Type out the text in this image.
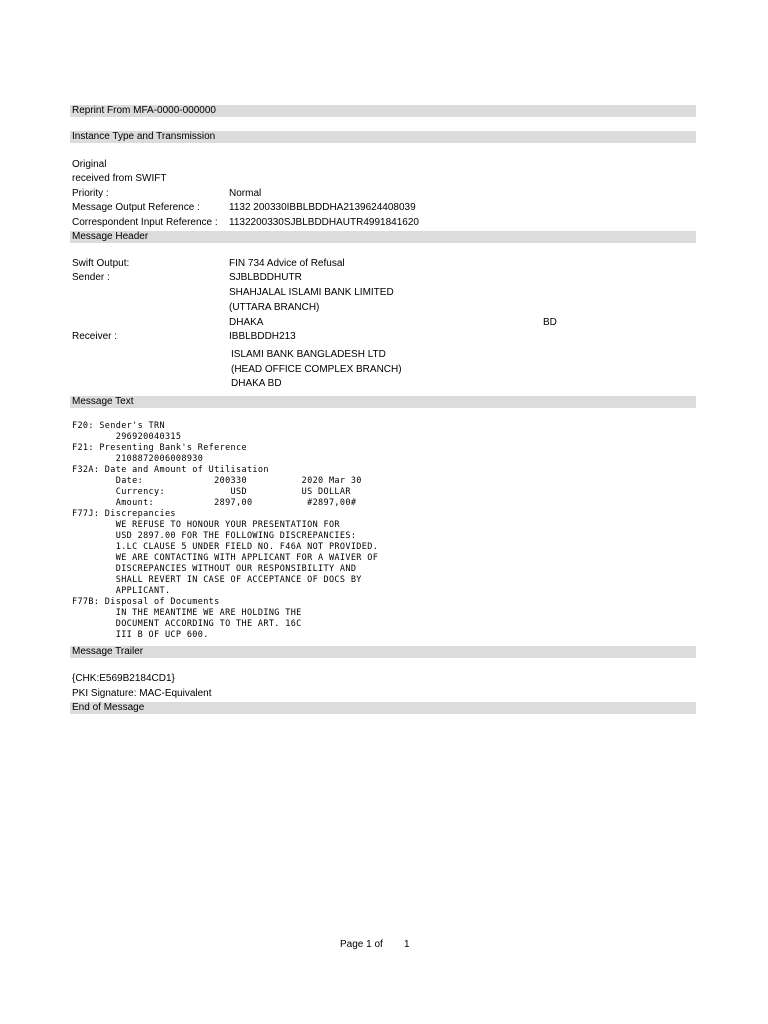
Reprint From MFA-0000-000000
Instance Type and Transmission
Original
received from SWIFT
Priority :	Normal
Message Output Reference :	1132 200330IBBLBDDHA2139624408039
Correspondent Input Reference : 1132200330SJBLBDDHAUTR4991841620
Message Header
Swift Output:	FIN 734 Advice of Refusal
Sender :	SJBLBDDHUTR
SHAHJALAL ISLAMI BANK LIMITED
(UTTARA BRANCH)
DHAKA	BD
Receiver :	IBBLBDDH213
ISLAMI BANK BANGLADESH LTD
(HEAD OFFICE COMPLEX BRANCH)
DHAKA BD
Message Text
F20: Sender's TRN
296920040315
F21: Presenting Bank's Reference
2108872006008930
F32A: Date and Amount of Utilisation
Date:             200330          2020 Mar 30
Currency:            USD          US DOLLAR
Amount:           2897,00          #2897,00#
F77J: Discrepancies
WE REFUSE TO HONOUR YOUR PRESENTATION FOR
USD 2897.00 FOR THE FOLLOWING DISCREPANCIES:
1.LC CLAUSE 5 UNDER FIELD NO. F46A NOT PROVIDED.
WE ARE CONTACTING WITH APPLICANT FOR A WAIVER OF
DISCREPANCIES WITHOUT OUR RESPONSIBILITY AND
SHALL REVERT IN CASE OF ACCEPTANCE OF DOCS BY
APPLICANT.
F77B: Disposal of Documents
IN THE MEANTIME WE ARE HOLDING THE
DOCUMENT ACCORDING TO THE ART. 16C
III B OF UCP 600.
Message Trailer
{CHK:E569B2184CD1}
PKI Signature: MAC-Equivalent
End of Message
Page 1 of 1
